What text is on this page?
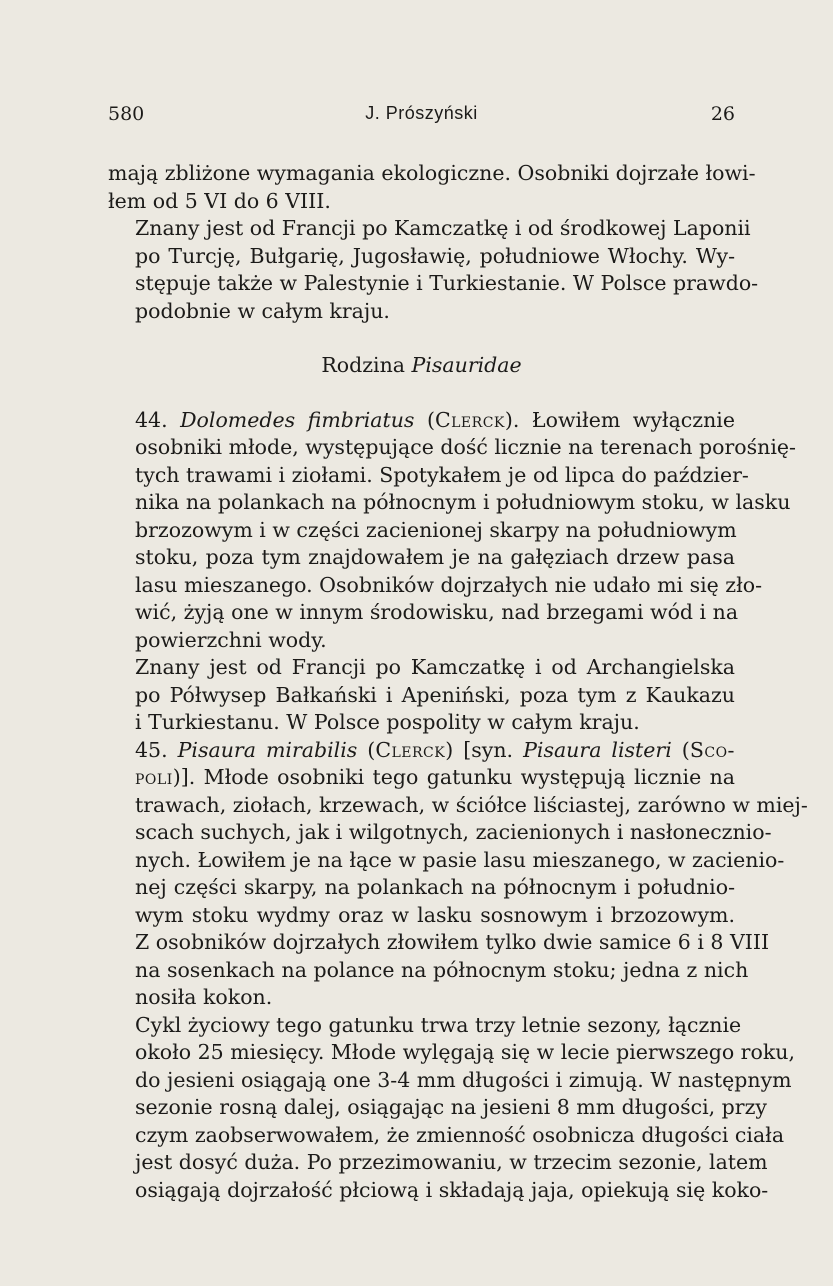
580	J. Prószyński	26

mają zbliżone wymagania ekologiczne. Osobniki dojrzałe łowi-
łem od 5 VI do 6 VIII.

Znany jest od Francji po Kamczatkę i od środkowej Laponii
po Turcję, Bułgarię, Jugosławię, południowe Włochy. Wy-
stępuje także w Palestynie i Turkiestanie. W Polsce prawdo-
podobnie w całym kraju.

Rodzina Pisauridae

44. Dolomedes fimbriatus (Clerck). Łowiłem wyłącznie
osobniki młode, występujące dość licznie na terenach porośnię-
tych trawami i ziołami. Spotykałem je od lipca do paździer-
nika na polankach na północnym i południowym stoku, w lasku
brzozowym i w części zacienionej skarpy na południowym
stoku, poza tym znajdowałem je na gałęziach drzew pasa
lasu mieszanego. Osobników dojrzałych nie udało mi się zło-
wić, żyją one w innym środowisku, nad brzegami wód i na
powierzchni wody.

Znany jest od Francji po Kamczatkę i od Archangielska
po Półwysep Bałkański i Apeniński, poza tym z Kaukazu
i Turkiestanu. W Polsce pospolity w całym kraju.

45. Pisaura mirabilis (Clerck) [syn. Pisaura listeri (Sco-
poli)]. Młode osobniki tego gatunku występują licznie na
trawach, ziołach, krzewach, w ściółce liściastej, zarówno w miej-
scach suchych, jak i wilgotnych, zacienionych i nasłonecznio-
nych. Łowiłem je na łące w pasie lasu mieszanego, w zacienio-
nej części skarpy, na polankach na północnym i południo-
wym stoku wydmy oraz w lasku sosnowym i brzozowym.
Z osobników dojrzałych złowiłem tylko dwie samice 6 i 8 VIII
na sosenkach na polance na północnym stoku; jedna z nich
nosiła kokon.

Cykl życiowy tego gatunku trwa trzy letnie sezony, łącznie
około 25 miesięcy. Młode wylęgają się w lecie pierwszego roku,
do jesieni osiągają one 3-4 mm długości i zimują. W następnym
sezonie rosną dalej, osiągając na jesieni 8 mm długości, przy
czym zaobserwowałem, że zmienność osobnicza długości ciała
jest dosyć duża. Po przezimowaniu, w trzecim sezonie, latem
osiągają dojrzałość płciową i składają jaja, opiekują się koko-
